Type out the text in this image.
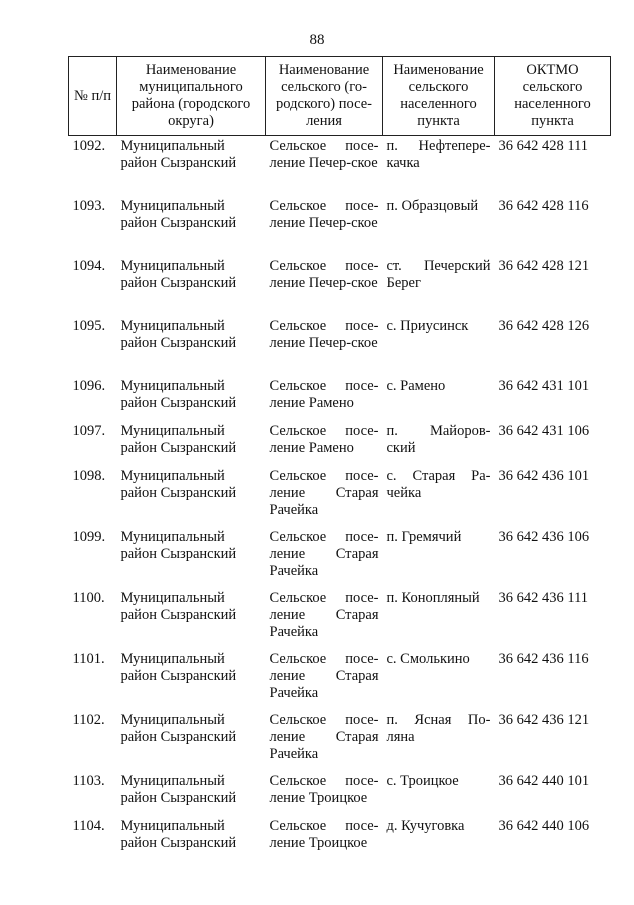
88
№ п/п	Наименование муниципального района (городского округа)	Наименование сельского (го-родского) посе-ления	Наименование сельского населенного пункта	ОКТМО сельского населенного пункта
1092.	Муниципальный район Сызранский	Сельское посе-ление Печер-ское	п. Нефтепере-качка	36 642 428 111
1093.	Муниципальный район Сызранский	Сельское посе-ление Печер-ское	п. Образцовый	36 642 428 116
1094.	Муниципальный район Сызранский	Сельское посе-ление Печер-ское	ст. Печерский Берег	36 642 428 121
1095.	Муниципальный район Сызранский	Сельское посе-ление Печер-ское	с. Приусинск	36 642 428 126
1096.	Муниципальный район Сызранский	Сельское посе-ление Рамено	с. Рамено	36 642 431 101
1097.	Муниципальный район Сызранский	Сельское посе-ление Рамено	п. Майоров-ский	36 642 431 106
1098.	Муниципальный район Сызранский	Сельское посе-ление Старая Рачейка	с. Старая Ра-чейка	36 642 436 101
1099.	Муниципальный район Сызранский	Сельское посе-ление Старая Рачейка	п. Гремячий	36 642 436 106
1100.	Муниципальный район Сызранский	Сельское посе-ление Старая Рачейка	п. Конопляный	36 642 436 111
1101.	Муниципальный район Сызранский	Сельское посе-ление Старая Рачейка	с. Смолькино	36 642 436 116
1102.	Муниципальный район Сызранский	Сельское посе-ление Старая Рачейка	п. Ясная По-ляна	36 642 436 121
1103.	Муниципальный район Сызранский	Сельское посе-ление Троицкое	с. Троицкое	36 642 440 101
1104.	Муниципальный район Сызранский	Сельское посе-ление Троицкое	д. Кучуговка	36 642 440 106
